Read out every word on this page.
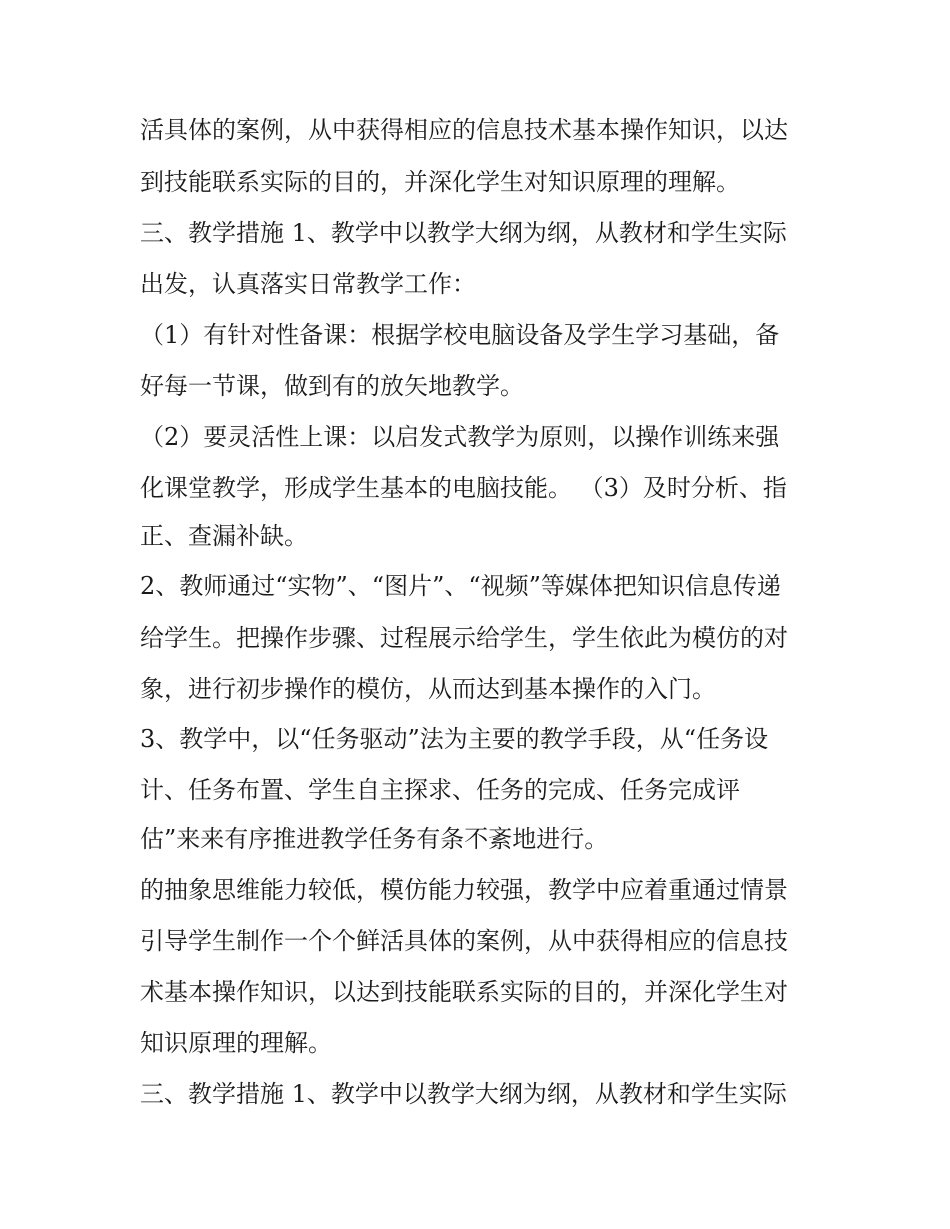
活具体的案例，从中获得相应的信息技术基本操作知识，以达

到技能联系实际的目的，并深化学生对知识原理的理解。

三、教学措施 1、教学中以教学大纲为纲，从教材和学生实际

出发，认真落实日常教学工作：

（1）有针对性备课：根据学校电脑设备及学生学习基础，备

好每一节课，做到有的放矢地教学。

（2）要灵活性上课：以启发式教学为原则，以操作训练来强

化课堂教学，形成学生基本的电脑技能。 （3）及时分析、指

正、查漏补缺。

2、教师通过“实物”、“图片”、“视频”等媒体把知识信息传递

给学生。把操作步骤、过程展示给学生，学生依此为模仿的对

象，进行初步操作的模仿，从而达到基本操作的入门。

3、教学中，以“任务驱动”法为主要的教学手段，从“任务设

计、任务布置、学生自主探求、任务的完成、任务完成评

估”来来有序推进教学任务有条不紊地进行。

的抽象思维能力较低，模仿能力较强，教学中应着重通过情景

引导学生制作一个个鲜活具体的案例，从中获得相应的信息技

术基本操作知识，以达到技能联系实际的目的，并深化学生对

知识原理的理解。

三、教学措施 1、教学中以教学大纲为纲，从教材和学生实际
